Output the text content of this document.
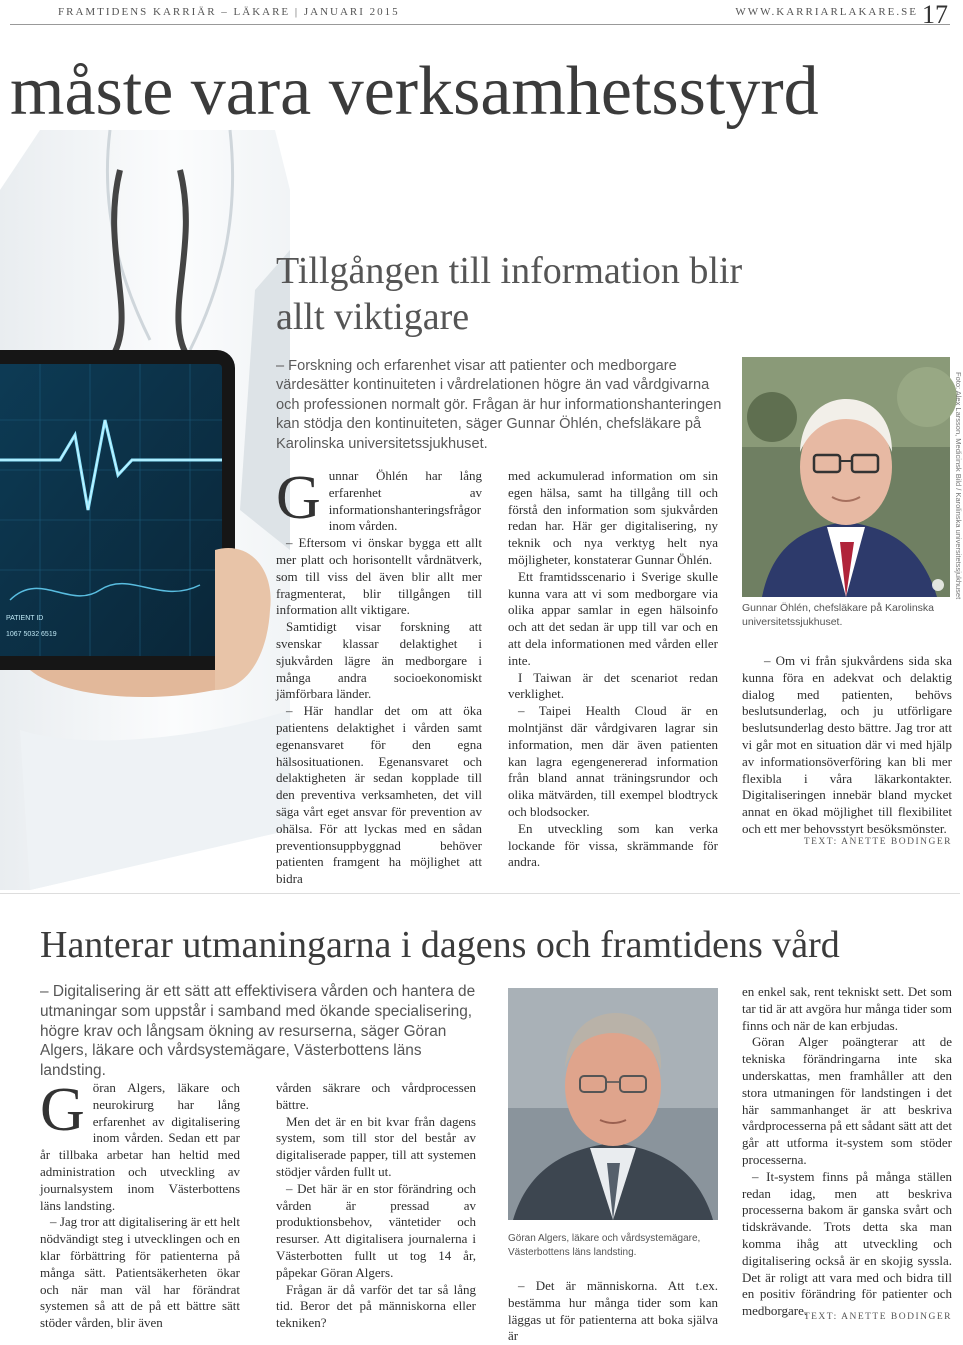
FRAMTIDENS KARRIÄR – LÄKARE | JANUARI 2015	WWW.KARRIARLAKARE.SE 17
måste vara verksamhetsstyrd
PATIENT ID
1067 5032 6519
Tillgången till information blir allt viktigare
– Forskning och erfarenhet visar att patienter och medborgare värdesätter kontinuiteten i vårdrelationen högre än vad vårdgivarna och professionen normalt gör. Frågan är hur informationshanteringen kan stödja den kontinuiteten, säger Gunnar Öhlén, chefsläkare på Karolinska universitetssjukhuset.

Gunnar Öhlén har lång erfarenhet av informationshanteringsfrågor inom vården.

– Eftersom vi önskar bygga ett allt mer platt och horisontellt vårdnätverk, som till viss del även blir allt mer fragmenterat, blir tillgången till information allt viktigare.

Samtidigt visar forskning att svenskar klassar delaktighet i sjukvården lägre än medborgare i många andra socioekonomiskt jämförbara länder.

– Här handlar det om att öka patientens delaktighet i vården samt egenansvaret för den egna hälsosituationen. Egenansvaret och delaktigheten är sedan kopplade till den preventiva verksamheten, det vill säga vårt eget ansvar för prevention av ohälsa. För att lyckas med en sådan preventionsuppbyggnad behöver patienten framgent ha möjlighet att bidra

med ackumulerad information om sin egen hälsa, samt ha tillgång till och förstå den information som sjukvården redan har. Här ger digitalisering, ny teknik och nya verktyg helt nya möjligheter, konstaterar Gunnar Öhlén.

Ett framtidsscenario i Sverige skulle kunna vara att vi som medborgare via olika appar samlar in egen hälsoinfo och att det sedan är upp till var och en att dela informationen med vården eller inte.

I Taiwan är det scenariot redan verklighet.

– Taipei Health Cloud är en molntjänst där vårdgivaren lagrar sin information, men där även patienten kan lagra egengenererad information från bland annat träningsrundor och olika mätvärden, till exempel blodtryck och blodsocker.

En utveckling som kan verka lockande för vissa, skrämmande för andra.

Foto: Alex Larsson, Medicinsk Bild / Karolinska universitetssjukhuset
Gunnar Öhlén, chefsläkare på Karolinska universitetssjukhuset.

– Om vi från sjukvårdens sida ska kunna föra en adekvat och delaktig dialog med patienten, behövs beslutsunderlag, och ju utförligare beslutsunderlag desto bättre. Jag tror att vi går mot en situation där vi med hjälp av informationsöverföring kan bli mer flexibla i våra läkarkontakter. Digitaliseringen innebär bland mycket annat en ökad möjlighet till flexibilitet och ett mer behovsstyrt besöksmönster.

TEXT: ANETTE BODINGER
Hanterar utmaningarna i dagens och framtidens vård
– Digitalisering är ett sätt att effektivisera vården och hantera de utmaningar som uppstår i samband med ökande specialisering, högre krav och långsam ökning av resurserna, säger Göran Algers, läkare och vårdsystemägare, Västerbottens läns landsting.

Göran Algers, läkare och neurokirurg har lång erfarenhet av digitalisering inom vården. Sedan ett par år tillbaka arbetar han heltid med administration och utveckling av journalsystem inom Västerbottens läns landsting.

– Jag tror att digitalisering är ett helt nödvändigt steg i utvecklingen och en klar förbättring för patienterna på många sätt. Patientsäkerheten ökar och när man väl har förändrat systemen så att de på ett bättre sätt stöder vården, blir även

vården säkrare och vårdprocessen bättre.

Men det är en bit kvar från dagens system, som till stor del består av digitaliserade papper, till att systemen stödjer vården fullt ut.

– Det här är en stor förändring och vården är pressad av produktionsbehov, väntetider och resurser. Att digitalisera journalerna i Västerbotten fullt ut tog 14 år, påpekar Göran Algers.

Frågan är då varför det tar så lång tid. Beror det på människorna eller tekniken?

Göran Algers, läkare och vårdsystemägare, Västerbottens läns landsting.

– Det är människorna. Att t.ex. bestämma hur många tider som kan läggas ut för patienterna att boka själva är

en enkel sak, rent tekniskt sett. Det som tar tid är att avgöra hur många tider som finns och när de kan erbjudas.

Göran Alger poängterar att de tekniska förändringarna inte ska underskattas, men framhåller att den stora utmaningen för landstingen i det här sammanhanget är att beskriva vårdprocesserna på ett sådant sätt att det går att utforma it-system som stöder processerna.

– It-system finns på många ställen redan idag, men att beskriva processerna bakom är ganska svårt och tidskrävande. Trots detta ska man komma ihåg att utveckling och digitalisering också är en skojig syssla. Det är roligt att vara med och bidra till en positiv förändring för patienter och medborgare.

TEXT: ANETTE BODINGER
